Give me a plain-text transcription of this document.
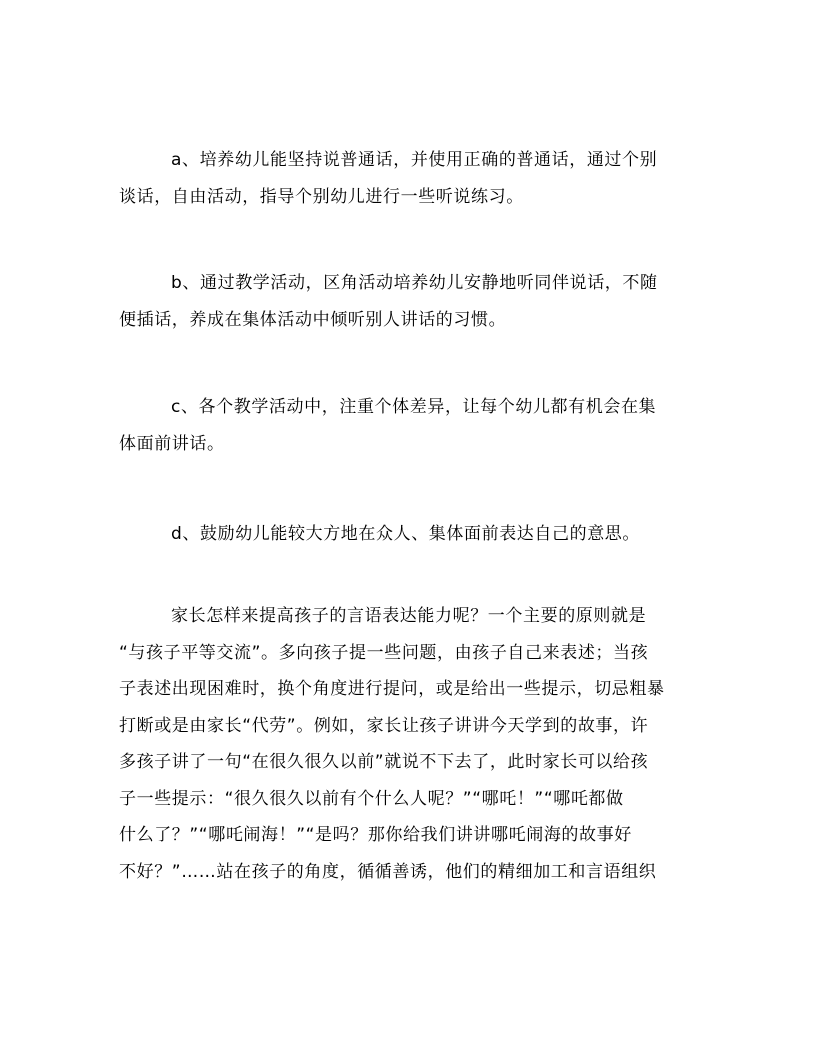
a、培养幼儿能坚持说普通话，并使用正确的普通话，通过个别
谈话，自由活动，指导个别幼儿进行一些听说练习。
b、通过教学活动，区角活动培养幼儿安静地听同伴说话，不随
便插话，养成在集体活动中倾听别人讲话的习惯。
c、各个教学活动中，注重个体差异，让每个幼儿都有机会在集
体面前讲话。
d、鼓励幼儿能较大方地在众人、集体面前表达自己的意思。
家长怎样来提高孩子的言语表达能力呢？一个主要的原则就是
“与孩子平等交流”。多向孩子提一些问题，由孩子自己来表述；当孩
子表述出现困难时，换个角度进行提问，或是给出一些提示，切忌粗暴
打断或是由家长“代劳”。例如，家长让孩子讲讲今天学到的故事，许
多孩子讲了一句“在很久很久以前”就说不下去了，此时家长可以给孩
子一些提示：“很久很久以前有个什么人呢？”“哪吒！”“哪吒都做
什么了？”“哪吒闹海！”“是吗？那你给我们讲讲哪吒闹海的故事好
不好？”……站在孩子的角度，循循善诱，他们的精细加工和言语组织
